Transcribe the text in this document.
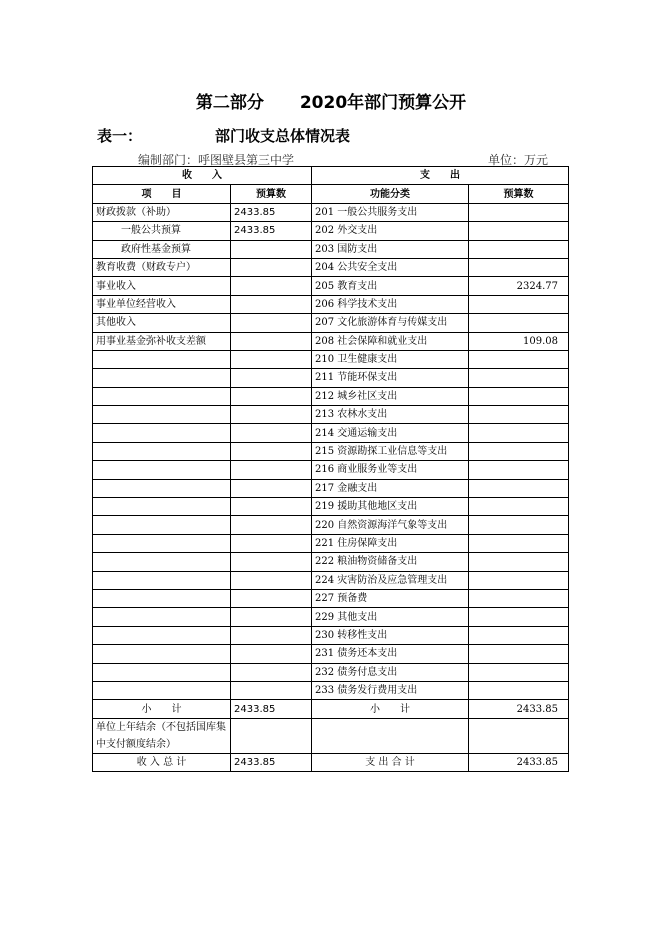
第二部分 2020年部门预算公开
表一：	部门收支总体情况表
编制部门：呼图壁县第三中学	单位：万元
收　　入		支　　出	
项　　目	预算数	功能分类	预算数
财政拨款（补助）	2433.85	201 一般公共服务支出	
一般公共预算	2433.85	202 外交支出	
政府性基金预算		203 国防支出	
教育收费（财政专户）		204 公共安全支出	
事业收入		205 教育支出	2324.77
事业单位经营收入		206 科学技术支出	
其他收入		207 文化旅游体育与传媒支出	
用事业基金弥补收支差额		208 社会保障和就业支出	109.08
		210 卫生健康支出	
		211 节能环保支出	
		212 城乡社区支出	
		213 农林水支出	
		214 交通运输支出	
		215 资源勘探工业信息等支出	
		216 商业服务业等支出	
		217 金融支出	
		219 援助其他地区支出	
		220 自然资源海洋气象等支出	
		221 住房保障支出	
		222 粮油物资储备支出	
		224 灾害防治及应急管理支出	
		227 预备费	
		229 其他支出	
		230 转移性支出	
		231 债务还本支出	
		232 债务付息支出	
		233 债务发行费用支出	
小　　计	2433.85	小　　计	2433.85
单位上年结余（不包括国库集中支付额度结余）			
收 入 总 计	2433.85	支 出 合 计	2433.85
